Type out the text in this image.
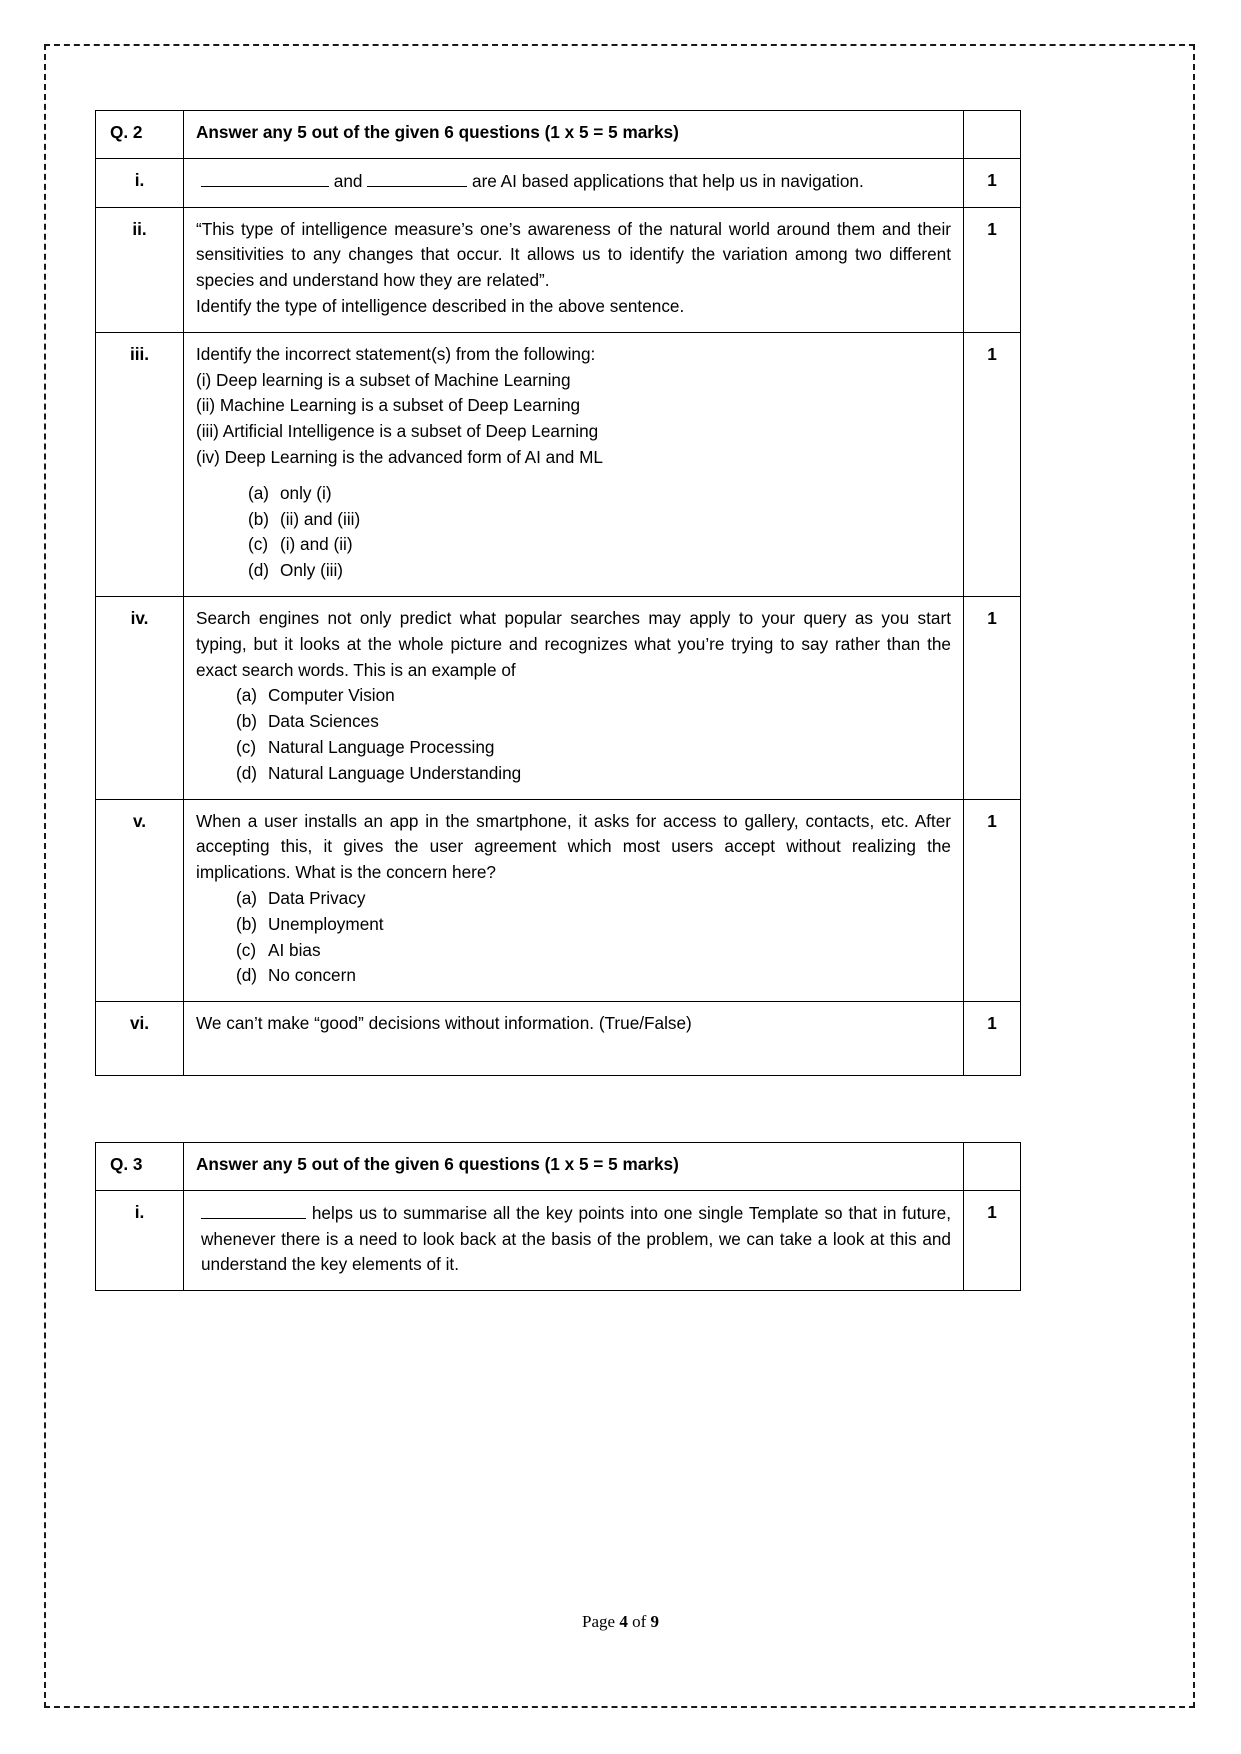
Q. 2	Answer any 5 out of the given 6 questions (1 x 5 = 5 marks)	
i.	and are AI based applications that help us in navigation.	1
ii.	“This type of intelligence measure’s one’s awareness of the natural world around them and their sensitivities to any changes that occur. It allows us to identify the variation among two different species and understand how they are related”.
Identify the type of intelligence described in the above sentence.	1
iii.	Identify the incorrect statement(s) from the following:
(i) Deep learning is a subset of Machine Learning
(ii) Machine Learning is a subset of Deep Learning
(iii) Artificial Intelligence is a subset of Deep Learning
(iv) Deep Learning is the advanced form of AI and ML
(a) only (i)
(b) (ii) and (iii)
(c) (i) and (ii)
(d) Only (iii)
	1
iv.	Search engines not only predict what popular searches may apply to your query as you start typing, but it looks at the whole picture and recognizes what you’re trying to say rather than the exact search words. This is an example of
(a) Computer Vision
(b) Data Sciences
(c) Natural Language Processing
(d) Natural Language Understanding
	1
v.	When a user installs an app in the smartphone, it asks for access to gallery, contacts, etc. After accepting this, it gives the user agreement which most users accept without realizing the implications. What is the concern here?
(a) Data Privacy
(b) Unemployment
(c) AI bias
(d) No concern
	1
vi.	We can’t make “good” decisions without information. (True/False)	1
Q. 3	Answer any 5 out of the given 6 questions (1 x 5 = 5 marks)	
i.	helps us to summarise all the key points into one single Template so that in future, whenever there is a need to look back at the basis of the problem, we can take a look at this and understand the key elements of it.	1
Page 4 of 9
